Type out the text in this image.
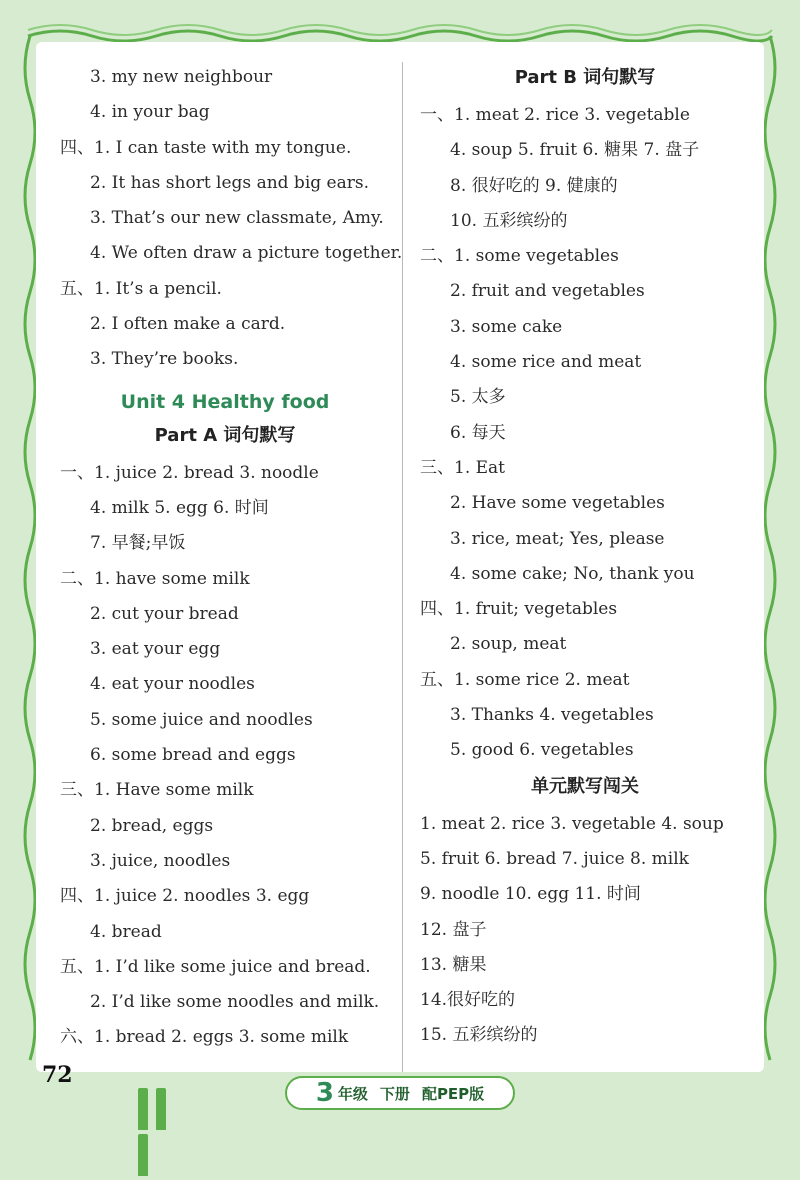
3. my new neighbour
4. in your bag
四、1. I can taste with my tongue.
2. It has short legs and big ears.
3. That’s our new classmate, Amy.
4. We often draw a picture together.
五、1. It’s a pencil.
2. I often make a card.
3. They’re books.
Unit 4 Healthy food
Part A 词句默写
一、1. juice 2. bread 3. noodle
4. milk 5. egg 6. 时间
7. 早餐;早饭
二、1. have some milk
2. cut your bread
3. eat your egg
4. eat your noodles
5. some juice and noodles
6. some bread and eggs
三、1. Have some milk
2. bread, eggs
3. juice, noodles
四、1. juice 2. noodles 3. egg
4. bread
五、1. I’d like some juice and bread.
2. I’d like some noodles and milk.
六、1. bread 2. eggs 3. some milk
Part B 词句默写
一、1. meat 2. rice 3. vegetable
4. soup 5. fruit 6. 糖果 7. 盘子
8. 很好吃的 9. 健康的
10. 五彩缤纷的
二、1. some vegetables
2. fruit and vegetables
3. some cake
4. some rice and meat
5. 太多
6. 每天
三、1. Eat
2. Have some vegetables
3. rice, meat; Yes, please
4. some cake; No, thank you
四、1. fruit; vegetables
2. soup, meat
五、1. some rice 2. meat
3. Thanks 4. vegetables
5. good 6. vegetables
单元默写闯关
1. meat 2. rice 3. vegetable 4. soup
5. fruit 6. bread 7. juice 8. milk
9. noodle 10. egg 11. 时间
12. 盘子
13. 糖果
14.很好吃的
15. 五彩缤纷的
72
3 年级 下册 配PEP版
